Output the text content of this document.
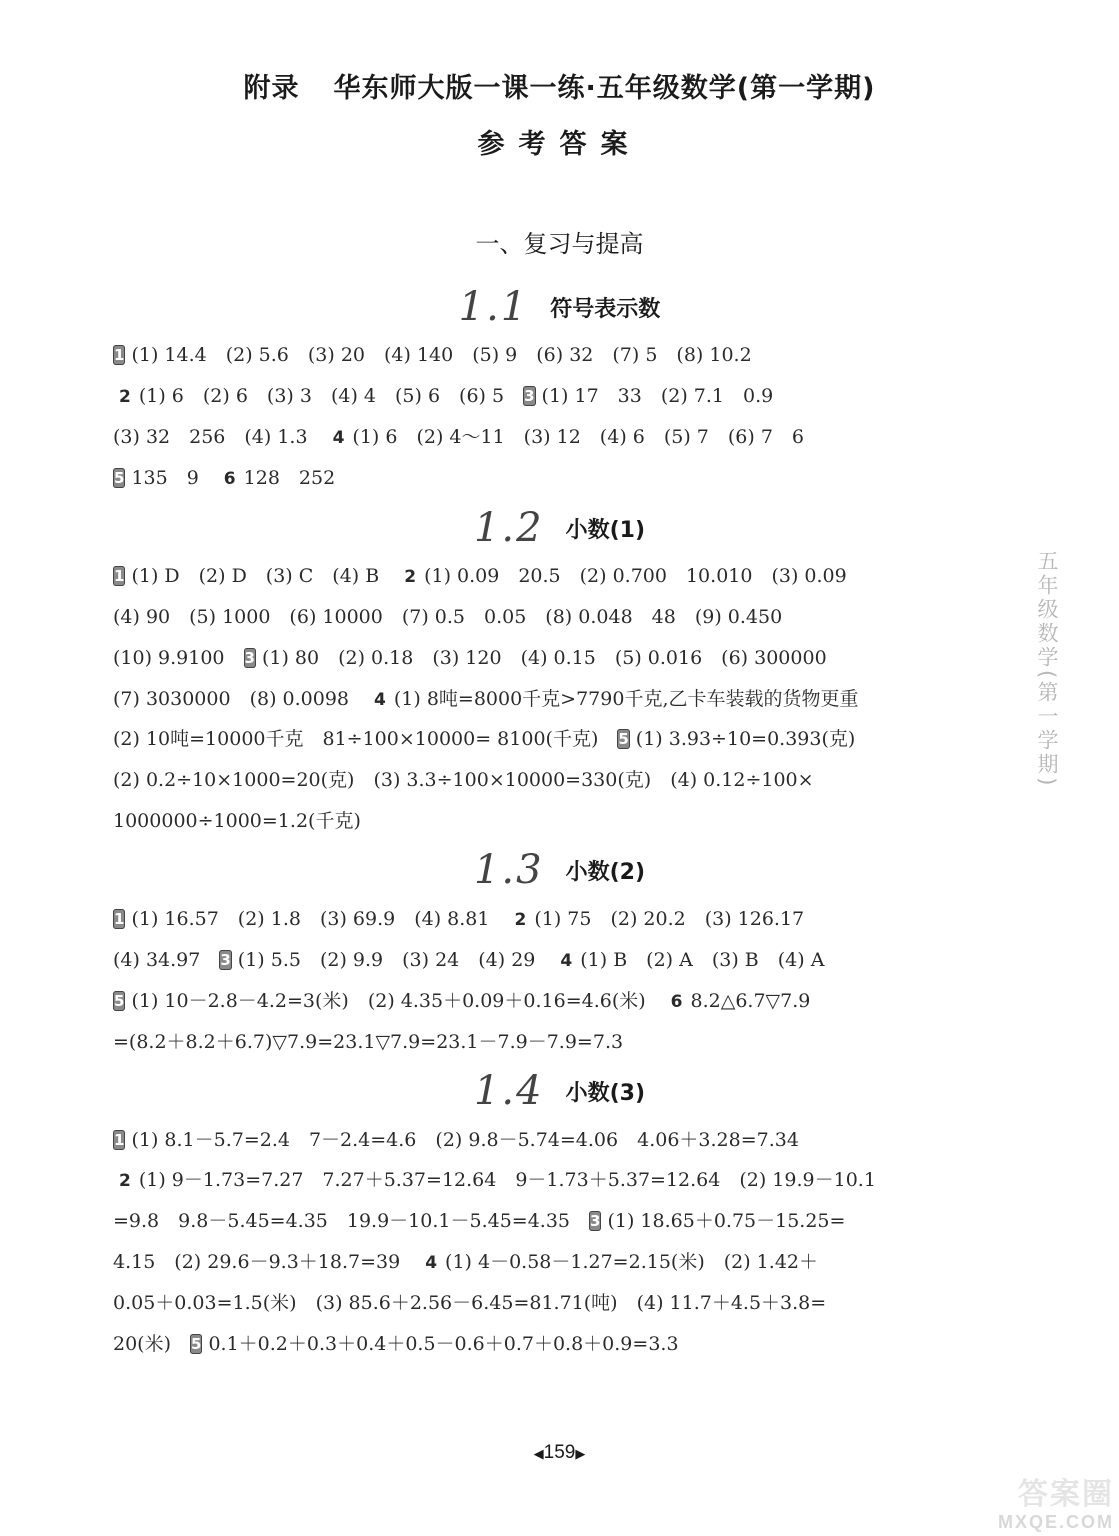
附录 华东师大版一课一练·五年级数学(第一学期)
参考答案
一、复习与提高
1.1 符号表示数
1 (1) 14.4　(2) 5.6　(3) 20　(4) 140　(5) 9　(6) 32　(7) 5　(8) 10.2
2 (1) 6　(2) 6　(3) 3　(4) 4　(5) 6　(6) 5　3 (1) 17　33　(2) 7.1　0.9
(3) 32　256　(4) 1.3　4 (1) 6　(2) 4～11　(3) 12　(4) 6　(5) 7　(6) 7　6
5 135　9　6 128　252
1.2 小数(1)
1 (1) D　(2) D　(3) C　(4) B　2 (1) 0.09　20.5　(2) 0.700　10.010　(3) 0.09
(4) 90　(5) 1000　(6) 10000　(7) 0.5　0.05　(8) 0.048　48　(9) 0.450
(10) 9.9100　3 (1) 80　(2) 0.18　(3) 120　(4) 0.15　(5) 0.016　(6) 300000
(7) 3030000　(8) 0.0098　4 (1) 8吨=8000千克>7790千克,乙卡车装载的货物更重
(2) 10吨=10000千克　81÷100×10000= 8100(千克)　5 (1) 3.93÷10=0.393(克)
(2) 0.2÷10×1000=20(克)　(3) 3.3÷100×10000=330(克)　(4) 0.12÷100×
1000000÷1000=1.2(千克)
1.3 小数(2)
1 (1) 16.57　(2) 1.8　(3) 69.9　(4) 8.81　2 (1) 75　(2) 20.2　(3) 126.17
(4) 34.97　3 (1) 5.5　(2) 9.9　(3) 24　(4) 29　4 (1) B　(2) A　(3) B　(4) A
5 (1) 10－2.8－4.2=3(米)　(2) 4.35＋0.09＋0.16=4.6(米)　6 8.2△6.7▽7.9
=(8.2＋8.2＋6.7)▽7.9=23.1▽7.9=23.1－7.9－7.9=7.3
1.4 小数(3)
1 (1) 8.1－5.7=2.4　7－2.4=4.6　(2) 9.8－5.74=4.06　4.06＋3.28=7.34
2 (1) 9－1.73=7.27　7.27＋5.37=12.64　9－1.73＋5.37=12.64　(2) 19.9－10.1
=9.8　9.8－5.45=4.35　19.9－10.1－5.45=4.35　3 (1) 18.65＋0.75－15.25=
4.15　(2) 29.6－9.3＋18.7=39　4 (1) 4－0.58－1.27=2.15(米)　(2) 1.42＋
0.05＋0.03=1.5(米)　(3) 85.6＋2.56－6.45=81.71(吨)　(4) 11.7＋4.5＋3.8=
20(米)　5 0.1＋0.2＋0.3＋0.4＋0.5－0.6＋0.7＋0.8＋0.9=3.3
五年级数学(第一学期)
◀159▶
答案圈
MXQE.COM
